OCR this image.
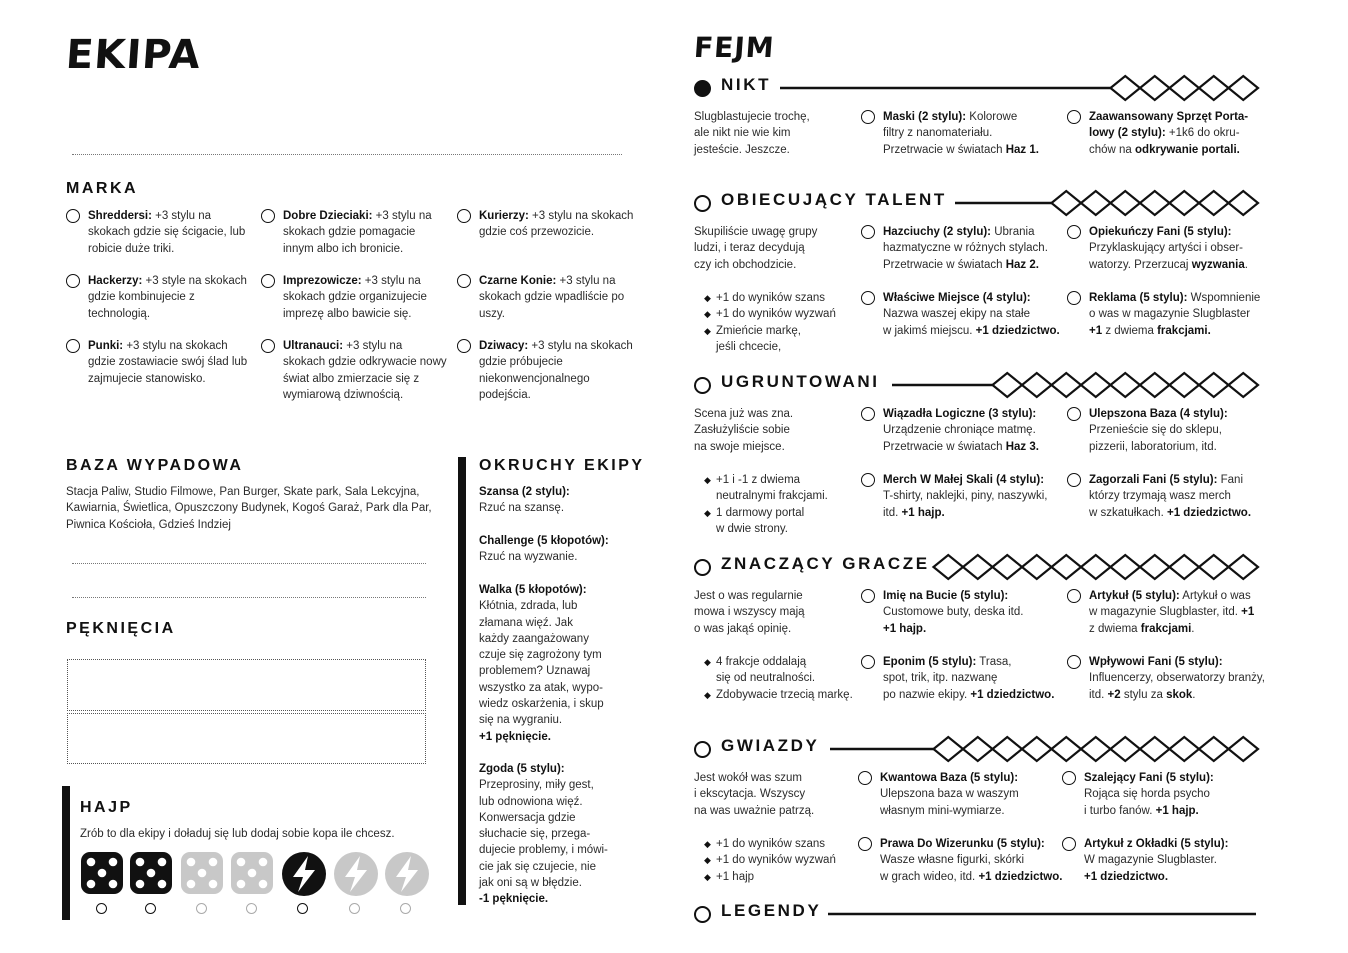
EKIPA
MARKA
Shreddersi: +3 stylu na skokach gdzie się ścigacie, lub robicie duże triki.
Dobre Dzieciaki: +3 stylu na skokach gdzie pomagacie innym albo ich bronicie.
Kurierzy: +3 stylu na skokach gdzie coś przewozicie.
Hackerzy: +3 style na skokach gdzie kombinujecie z technologią.
Imprezowicze: +3 stylu na skokach gdzie organizujecie imprezę albo bawicie się.
Czarne Konie: +3 stylu na skokach gdzie wpadliście po uszy.
Punki: +3 stylu na skokach gdzie zostawiacie swój ślad lub zajmujecie stanowisko.
Ultranauci: +3 stylu na skokach gdzie odkrywacie nowy świat albo zmierzacie się z wymiarową dziwnością.
Dziwacy: +3 stylu na skokach gdzie próbujecie niekonwencjonalnego podejścia.
BAZA WYPADOWA
Stacja Paliw, Studio Filmowe, Pan Burger, Skate park, Sala Lekcyjna, Kawiarnia, Świetlica, Opuszczony Budynek, Kogoś Garaż, Park dla Par, Piwnica Kościoła, Gdzieś Indziej
PĘKNIĘCIA
HAJP
Zrób to dla ekipy i doładuj się lub dodaj sobie kopa ile chcesz.
OKRUCHY EKIPY
Szansa (2 stylu):
Rzuć na szansę.
Challenge (5 kłopotów):
Rzuć na wyzwanie.
Walka (5 kłopotów):
Kłótnia, zdrada, lub
złamana więź. Jak
każdy zaangażowany
czuje się zagrożony tym
problemem? Uznawaj
wszystko za atak, wypo-
wiedz oskarżenia, i skup
się na wygraniu.
+1 pęknięcie.
Zgoda (5 stylu):
Przeprosiny, miły gest,
lub odnowiona więź.
Konwersacja gdzie
słuchacie się, przega-
dujecie problemy, i mówi-
cie jak się czujecie, nie
jak oni są w błędzie.
-1 pęknięcie.
FEJM
NIKT
Slugblastujecie trochę,
ale nikt nie wie kim
jesteście. Jeszcze.
OBIECUJĄCY TALENT
Skupiliście uwagę grupy
ludzi, i teraz decydują
czy ich obchodzicie.
◆ +1 do wyników szans
◆ +1 do wyników wyzwań
◆ Zmieńcie markę,
jeśli chcecie,
UGRUNTOWANI
Scena już was zna.
Zasłużyliście sobie
na swoje miejsce.
◆ +1 i -1 z dwiema
neutralnymi frakcjami.
◆ 1 darmowy portal
w dwie strony.
ZNACZĄCY GRACZE
Jest o was regularnie
mowa i wszyscy mają
o was jakąś opinię.
◆ 4 frakcje oddalają
się od neutralności.
◆ Zdobywacie trzecią markę.
GWIAZDY
Jest wokół was szum
i ekscytacja. Wszyscy
na was uważnie patrzą.
◆ +1 do wyników szans
◆ +1 do wyników wyzwań
◆ +1 hajp
LEGENDY
Maski (2 stylu): Kolorowe
filtry z nanomateriału.
Przetrwacie w światach Haz 1.
Zaawansowany Sprzęt Porta-
lowy (2 stylu): +1k6 do okru-
chów na odkrywanie portali.
Hazciuchy (2 stylu): Ubrania
hazmatyczne w różnych stylach.
Przetrwacie w światach Haz 2.
Opiekuńczy Fani (5 stylu):
Przyklaskujący artyści i obser-
watorzy. Przerzucaj wyzwania.
Właściwe Miejsce (4 stylu):
Nazwa waszej ekipy na stałe
w jakimś miejscu. +1 dziedzictwo.
Reklama (5 stylu): Wspomnienie
o was w magazynie Slugblaster
+1 z dwiema frakcjami.
Wiązadła Logiczne (3 stylu):
Urządzenie chroniące matmę.
Przetrwacie w światach Haz 3.
Ulepszona Baza (4 stylu):
Przenieście się do sklepu,
pizzerii, laboratorium, itd.
Merch W Małej Skali (4 stylu):
T-shirty, naklejki, piny, naszywki,
itd. +1 hajp.
Zagorzali Fani (5 stylu): Fani
którzy trzymają wasz merch
w szkatułkach. +1 dziedzictwo.
Imię na Bucie (5 stylu):
Customowe buty, deska itd.
+1 hajp.
Artykuł (5 stylu): Artykuł o was
w magazynie Slugblaster, itd. +1
z dwiema frakcjami.
Eponim (5 stylu): Trasa,
spot, trik, itp. nazwanę
po nazwie ekipy. +1 dziedzictwo.
Wpływowi Fani (5 stylu):
Influencerzy, obserwatorzy branży,
itd. +2 stylu za skok.
Kwantowa Baza (5 stylu):
Ulepszona baza w waszym
własnym mini-wymiarze.
Szalejący Fani (5 stylu):
Rojąca się horda psycho
i turbo fanów. +1 hajp.
Prawa Do Wizerunku (5 stylu):
Wasze własne figurki, skórki
w grach wideo, itd. +1 dziedzictwo.
Artykuł z Okładki (5 stylu):
W magazynie Slugblaster.
+1 dziedzictwo.
